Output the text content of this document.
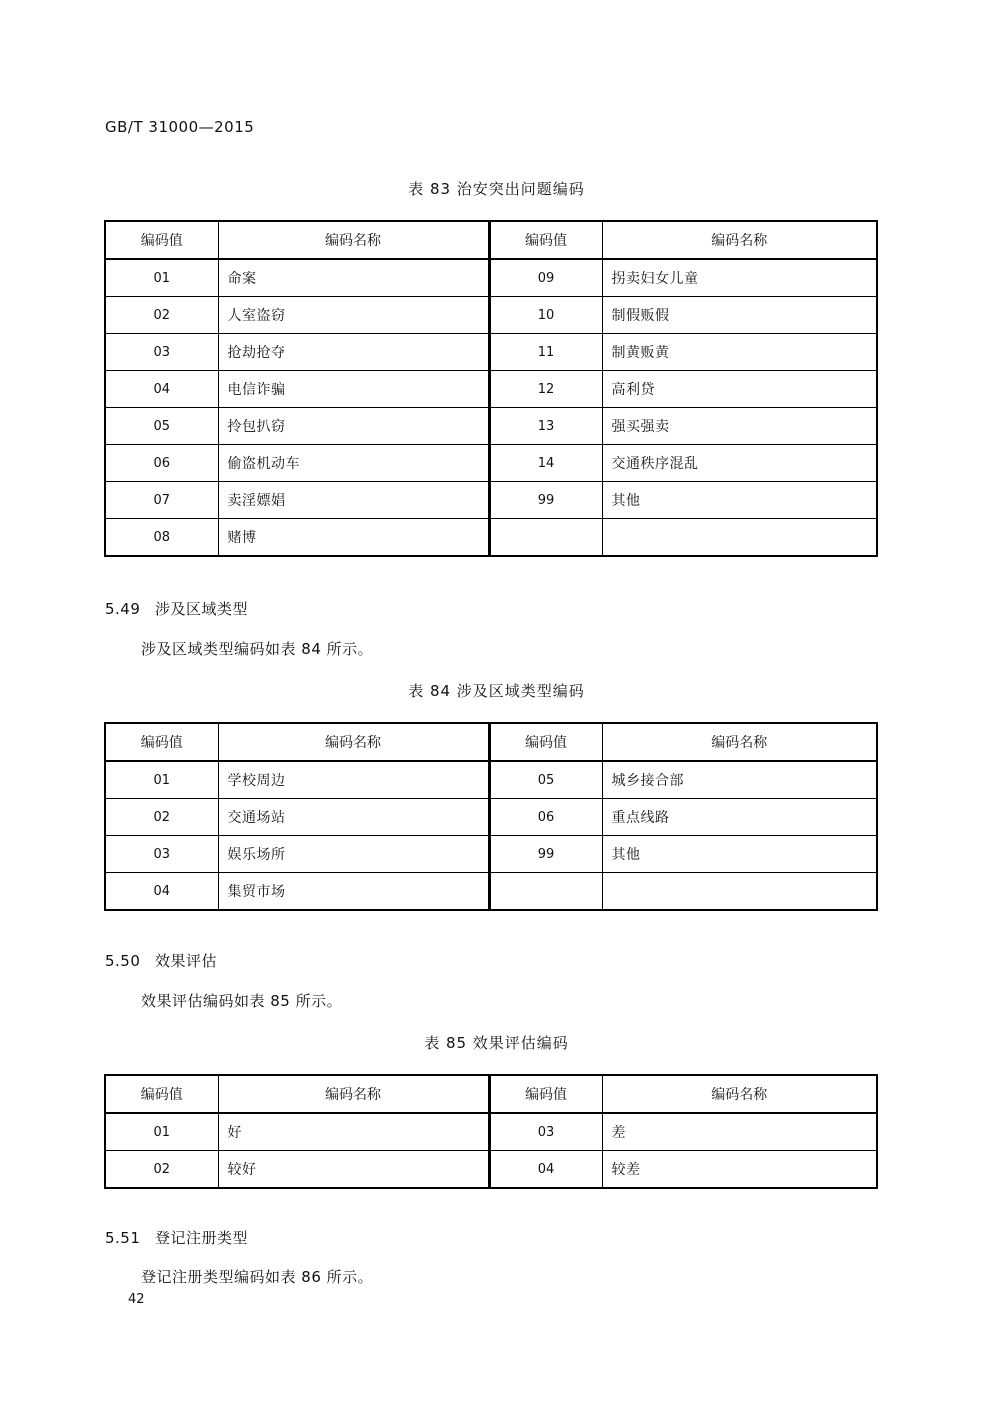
GB/T 31000—2015
表 83 治安突出问题编码
编码值	编码名称	编码值	编码名称
01	命案	09	拐卖妇女儿童
02	人室盗窃	10	制假贩假
03	抢劫抢夺	11	制黄贩黄
04	电信诈骗	12	高利贷
05	拎包扒窃	13	强买强卖
06	偷盗机动车	14	交通秩序混乱
07	卖淫嫖娼	99	其他
08	赌博		
5.49 涉及区域类型
涉及区域类型编码如表 84 所示。
表 84 涉及区域类型编码
编码值	编码名称	编码值	编码名称
01	学校周边	05	城乡接合部
02	交通场站	06	重点线路
03	娱乐场所	99	其他
04	集贸市场		
5.50 效果评估
效果评估编码如表 85 所示。
表 85 效果评估编码
编码值	编码名称	编码值	编码名称
01	好	03	差
02	较好	04	较差
5.51 登记注册类型
登记注册类型编码如表 86 所示。
42
